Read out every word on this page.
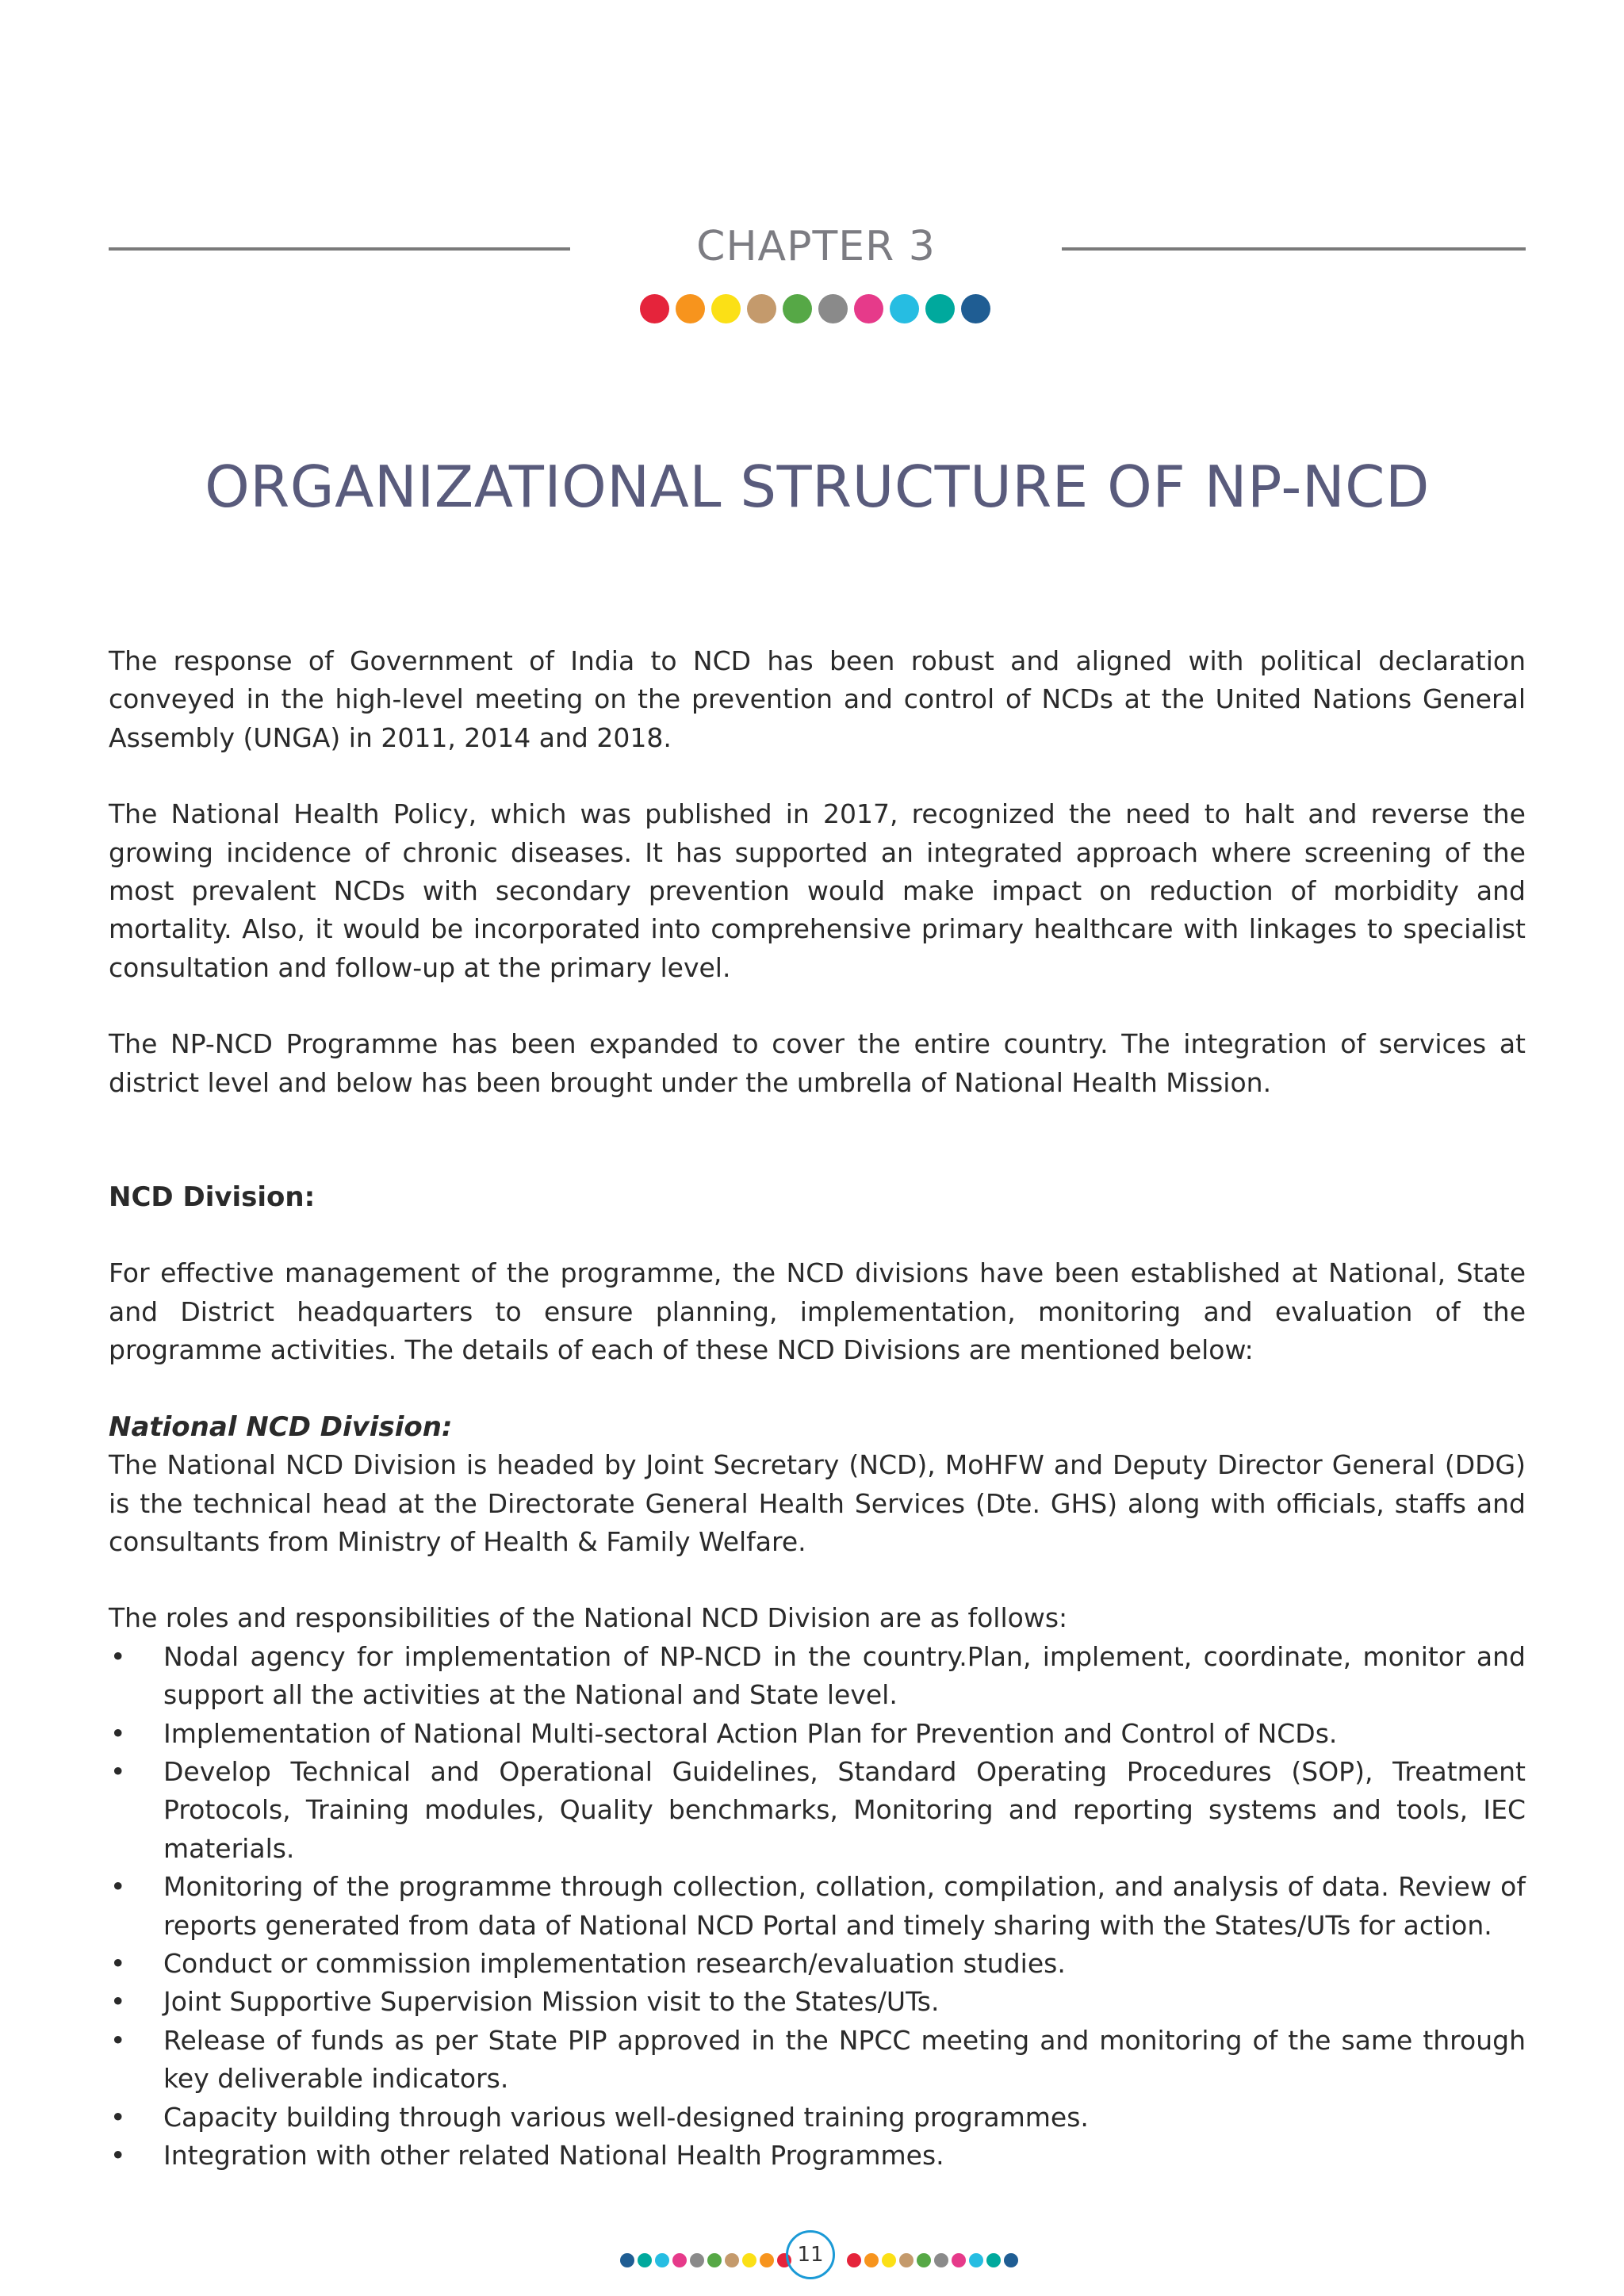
CHAPTER 3
ORGANIZATIONAL STRUCTURE OF NP-NCD

The response of Government of India to NCD has been robust and aligned with political declaration conveyed in the high-level meeting on the prevention and control of NCDs at the United Nations General Assembly (UNGA) in 2011, 2014 and 2018.

The National Health Policy, which was published in 2017, recognized the need to halt and reverse the growing incidence of chronic diseases. It has supported an integrated approach where screening of the most prevalent NCDs with secondary prevention would make impact on reduction of morbidity and mortality. Also, it would be incorporated into comprehensive primary healthcare with linkages to specialist consultation and follow-up at the primary level.

The NP-NCD Programme has been expanded to cover the entire country. The integration of services at district level and below has been brought under the umbrella of National Health Mission.

NCD Division:

For effective management of the programme, the NCD divisions have been established at National, State and District headquarters to ensure planning, implementation, monitoring and evaluation of the programme activities. The details of each of these NCD Divisions are mentioned below:

National NCD Division:

The National NCD Division is headed by Joint Secretary (NCD), MoHFW and Deputy Director General (DDG) is the technical head at the Directorate General Health Services (Dte. GHS) along with officials, staffs and consultants from Ministry of Health & Family Welfare.

The roles and responsibilities of the National NCD Division are as follows:

• Nodal agency for implementation of NP-NCD in the country.Plan, implement, coordinate, monitor and support all the activities at the National and State level.
• Implementation of National Multi-sectoral Action Plan for Prevention and Control of NCDs.
• Develop Technical and Operational Guidelines, Standard Operating Procedures (SOP), Treatment Protocols, Training modules, Quality benchmarks, Monitoring and reporting systems and tools, IEC materials.
• Monitoring of the programme through collection, collation, compilation, and analysis of data. Review of reports generated from data of National NCD Portal and timely sharing with the States/UTs for action.
• Conduct or commission implementation research/evaluation studies.
• Joint Supportive Supervision Mission visit to the States/UTs.
• Release of funds as per State PIP approved in the NPCC meeting and monitoring of the same through key deliverable indicators.
• Capacity building through various well-designed training programmes.
• Integration with other related National Health Programmes.
11
